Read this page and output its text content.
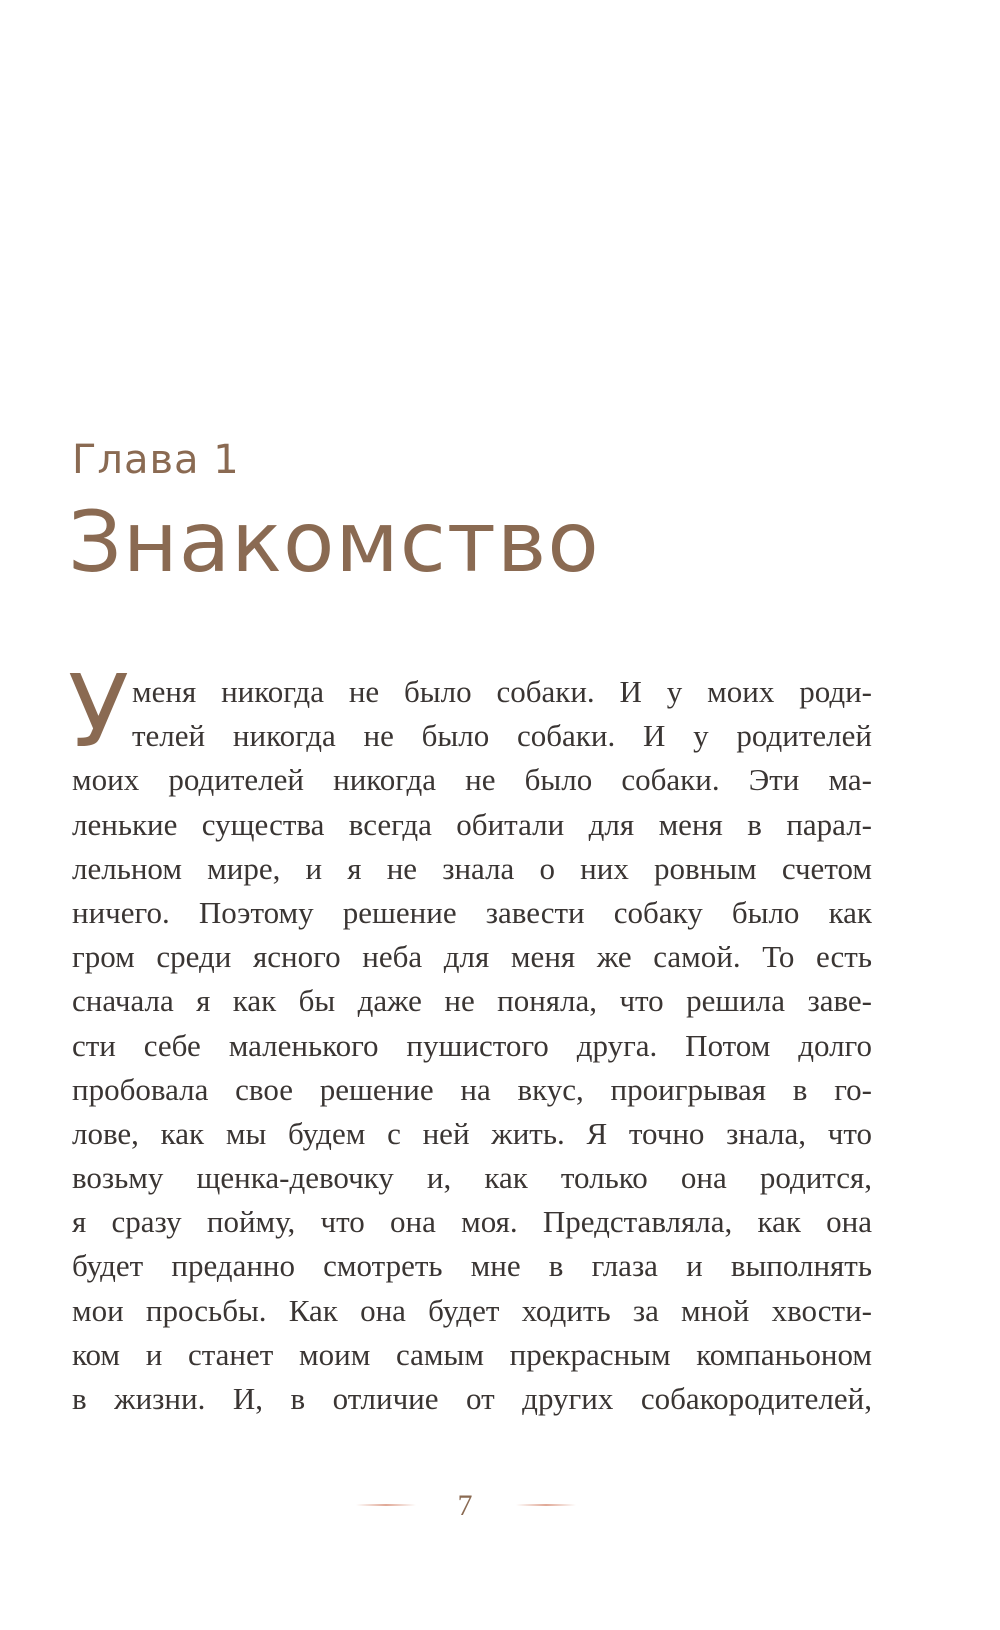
Глава 1
Знакомство
У меня никогда не было собаки. И у моих роди-
телей никогда не было собаки. И у родителей
моих родителей никогда не было собаки. Эти ма-
ленькие существа всегда обитали для меня в парал-
лельном мире, и я не знала о них ровным счетом
ничего. Поэтому решение завести собаку было как
гром среди ясного неба для меня же самой. То есть
сначала я как бы даже не поняла, что решила заве-
сти себе маленького пушистого друга. Потом долго
пробовала свое решение на вкус, проигрывая в го-
лове, как мы будем с ней жить. Я точно знала, что
возьму щенка-девочку и, как только она родится,
я сразу пойму, что она моя. Представляла, как она
будет преданно смотреть мне в глаза и выполнять
мои просьбы. Как она будет ходить за мной хвости-
ком и станет моим самым прекрасным компаньоном
в жизни. И, в отличие от других собакородителей,
7
